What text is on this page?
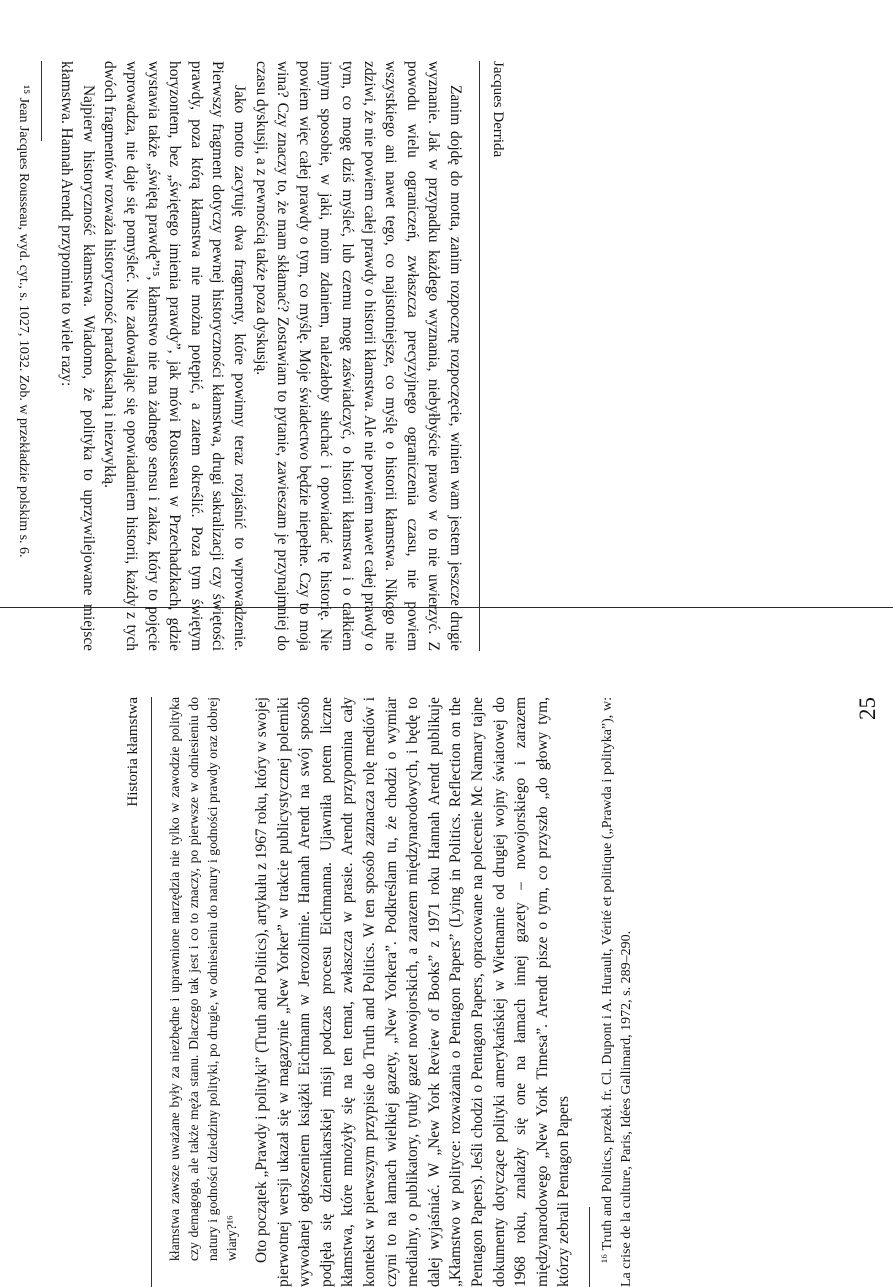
Jacques Derrida

Zanim dojdę do motta, zanim rozpocznę rozpoczęcie, winien wam jestem jeszcze drugie wyznanie. Jak w przypadku każdego wyznania, niebyłbyście prawo w to nie uwierzyć. Z powodu wielu ograniczeń, zwłaszcza precyzyjnego ograniczenia czasu, nie powiem wszystkiego ani nawet tego, co najistotniejsze, co myślę o historii kłamstwa. Nikogo nie zdziwi, że nie powiem całej prawdy o historii kłamstwa. Ale nie powiem nawet całej prawdy o tym, co mogę dziś myśleć, lub czemu mogę zaświadczyć, o historii kłamstwa i o całkiem innym sposobie, w jaki, moim zdaniem, należałoby słuchać i opowiadać tę historię. Nie powiem więc całej prawdy o tym, co myślę. Moje świadectwo będzie niepełne. Czy to moja wina? Czy znaczy to, że mam skłamać? Zostawiam to pytanie, zawieszam je przynajmniej do czasu dyskusji, a z pewnością także poza dyskusją.

Jako motto zacytuję dwa fragmenty, które powinny teraz rozjaśnić to wprowadzenie. Pierwszy fragment dotyczy pewnej historyczności kłamstwa, drugi sakralizacji czy świętości prawdy, poza którą kłamstwa nie można potępić, a zatem określić. Poza tym świętym horyzontem, bez „świętego imienia prawdy”, jak mówi Rousseau w Przechadzkach, gdzie wystawia także „świętą prawdę”¹⁵, kłamstwo nie ma żadnego sensu i zakaz, który to pojęcie wprowadza, nie daje się pomyśleć. Nie zadowalając się opowiadaniem historii, każdy z tych dwóch fragmentów rozważa historyczność paradoksalną i niezwykłą.

Najpierw historyczność kłamstwa. Wiadomo, że polityka to uprzywilejowane miejsce kłamstwa. Hannah Arendt przypomina to wiele razy:

¹⁵ Jean Jacques Rousseau, wyd. cyt., s. 1027, 1032. Zob. w przekładzie polskim s. 6.

Historia kłamstwa kłamstwa zawsze uważane były za niezbędne i uprawnione narzędzia nie tylko w zawodzie polityka czy demagoga, ale także męża stanu. Dlaczego tak jest i co to znaczy, po pierwsze w odniesieniu do natury i godności dziedziny polityki, po drugie, w odniesieniu do natury i godności prawdy oraz dobrej wiary?¹⁶ Oto początek „Prawdy i polityki” (Truth and Politics), artykułu z 1967 roku, który w swojej pierwotnej wersji ukazał się w magazynie „New Yorker” w trakcie publicystycznej polemiki wywołanej ogłoszeniem książki Eichmann w Jerozolimie. Hannah Arendt na swój sposób podjęła się dziennikarskiej misji podczas procesu Eichmanna. Ujawniła potem liczne kłamstwa, które mnożyły się na ten temat, zwłaszcza w prasie. Arendt przypomina cały kontekst w pierwszym przypisie do Truth and Politics. W ten sposób zaznacza rolę mediów i czyni to na łamach wielkiej gazety, „New Yorkera”. Podkreślam tu, że chodzi o wymiar medialny, o publikatory, tytuły gazet nowojorskich, a zarazem międzynarodowych, i będę to dalej wyjaśniać. W „New York Review of Books” z 1971 roku Hannah Arendt publikuje „Kłamstwo w polityce: rozważania o Pentagon Papers” (Lying in Politics. Reflection on the Pentagon Papers). Jeśli chodzi o Pentagon Papers, opracowane na polecenie Mc Namary tajne dokumenty dotyczące polityki amerykańskiej w Wietnamie od drugiej wojny światowej do 1968 roku, znalazły się one na łamach innej gazety – nowojorskiego i zarazem międzynarodowego „New York Timesa”. Arendt pisze o tym, co przyszło „do głowy tym, którzy zebrali Pentagon Papers ¹⁶ Truth and Politics, przekł. fr. Cl. Dupont i A. Hurault, Vérité et politique („Prawda i polityka”), w: La crise de la culture, Paris, Idées Gallimard, 1972, s. 289–290.

25
